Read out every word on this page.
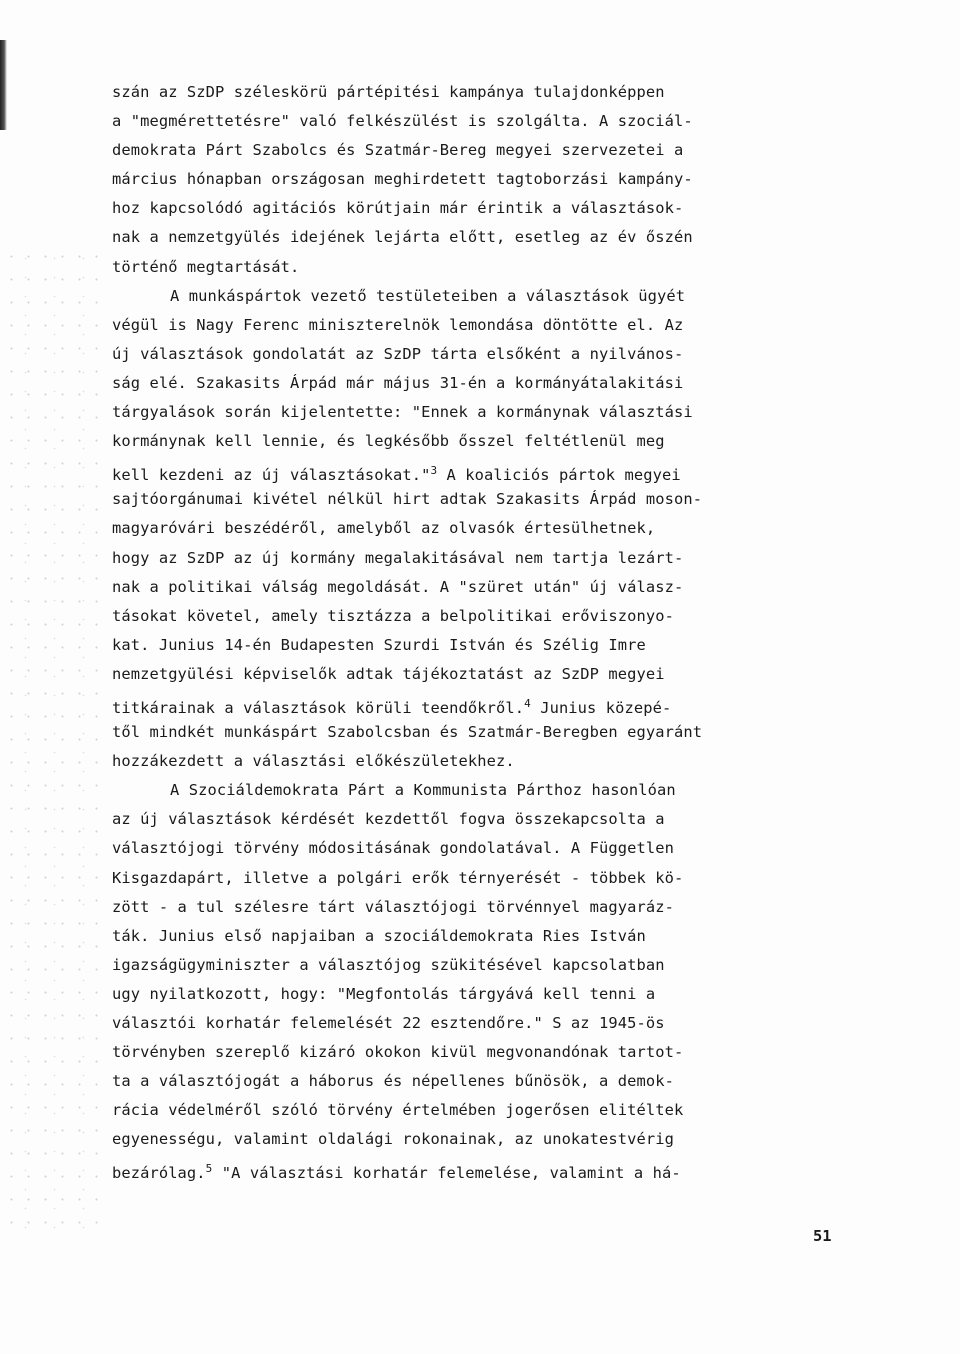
szán az SzDP széleskörü pártépitési kampánya tulajdonképpen
a "megmérettetésre" való felkészülést is szolgálta. A szociál-
demokrata Párt Szabolcs és Szatmár-Bereg megyei szervezetei a
március hónapban országosan meghirdetett tagtoborzási kampány-
hoz kapcsolódó agitációs körútjain már érintik a választások-
nak a nemzetgyülés idejének lejárta előtt, esetleg az év őszén
történő megtartását.
A munkáspártok vezető testületeiben a választások ügyét
végül is Nagy Ferenc miniszterelnök lemondása döntötte el. Az
új választások gondolatát az SzDP tárta elsőként a nyilvános-
ság elé. Szakasits Árpád már május 31-én a kormányátalakitási
tárgyalások során kijelentette: "Ennek a kormánynak választási
kormánynak kell lennie, és legkésőbb ősszel feltétlenül meg
kell kezdeni az új választásokat."$^3$ A koaliciós pártok megyei
sajtóorgánumai kivétel nélkül hirt adtak Szakasits Árpád moson-
magyaróvári beszédéről, amelyből az olvasók értesülhetnek,
hogy az SzDP az új kormány megalakitásával nem tartja lezárt-
nak a politikai válság megoldását. A "szüret után" új válasz-
tásokat követel, amely tisztázza a belpolitikai erőviszonyo-
kat. Junius 14-én Budapesten Szurdi István és Szélig Imre
nemzetgyülési képviselők adtak tájékoztatást az SzDP megyei
titkárainak a választások körüli teendőkről.$^4$ Junius közepé-
től mindkét munkáspárt Szabolcsban és Szatmár-Beregben egyaránt
hozzákezdett a választási előkészületekhez.
A Szociáldemokrata Párt a Kommunista Párthoz hasonlóan
az új választások kérdését kezdettől fogva összekapcsolta a
választójogi törvény módositásának gondolatával. A Független
Kisgazdapárt, illetve a polgári erők térnyerését - többek kö-
zött - a tul szélesre tárt választójogi törvénnyel magyaráz-
ták. Junius első napjaiban a szociáldemokrata Ries István
igazságügyminiszter a választójog szükitésével kapcsolatban
ugy nyilatkozott, hogy: "Megfontolás tárgyává kell tenni a
választói korhatár felemelését 22 esztendőre." S az 1945-ös
törvényben szereplő kizáró okokon kivül megvonandónak tartot-
ta a választójogát a háborus és népellenes bűnösök, a demok-
rácia védelméről szóló törvény értelmében jogerősen elitéltek
egyenességu, valamint oldalági rokonainak, az unokatestvérig
bezárólag.$^5$ "A választási korhatár felemelése, valamint a há-
51
